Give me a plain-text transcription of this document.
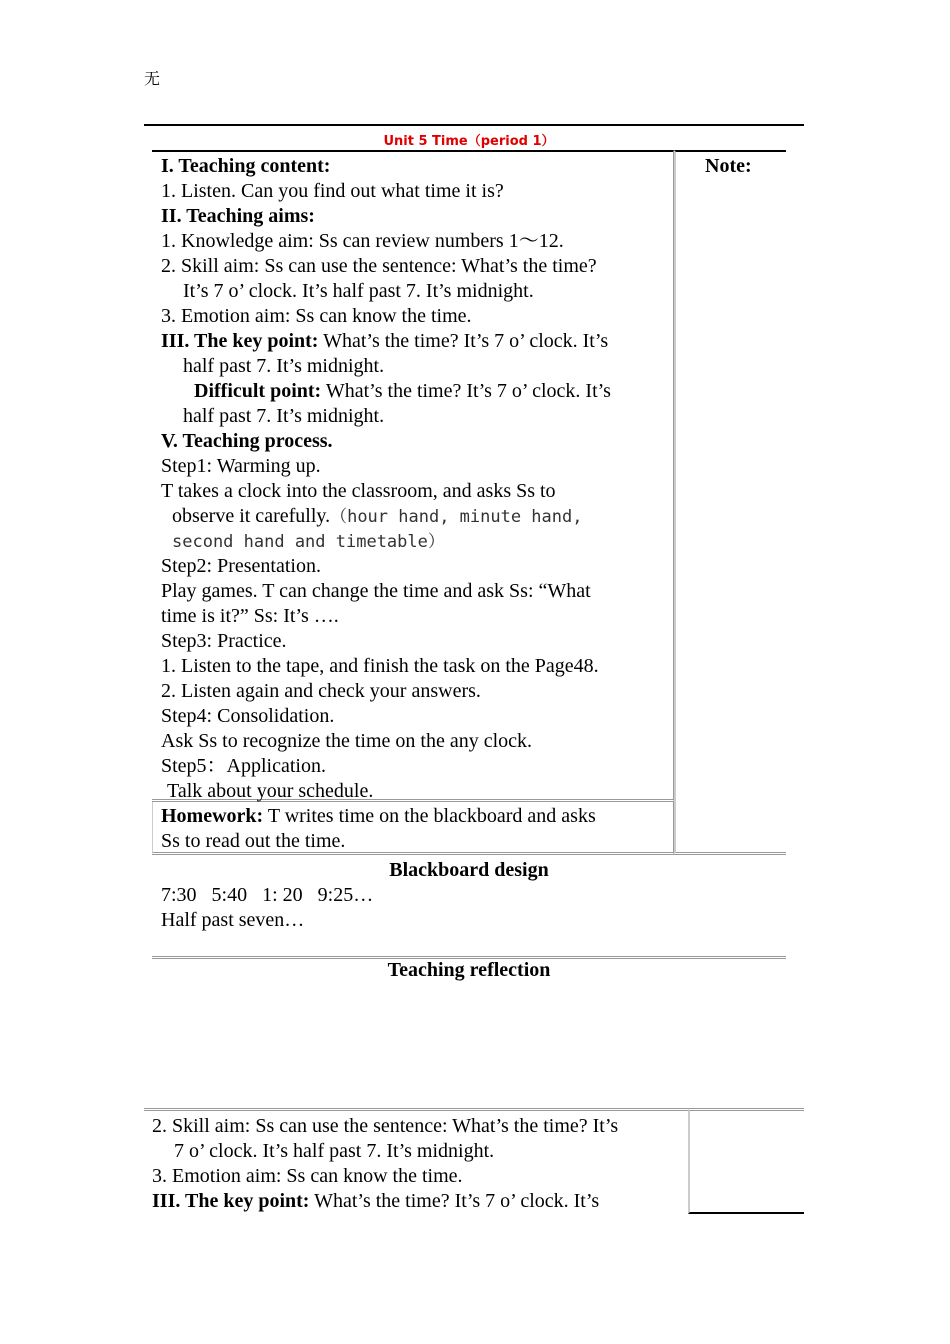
无
Unit 5 Time（period 1）
I. Teaching content:
1. Listen. Can you find out what time it is?
II. Teaching aims:
1. Knowledge aim: Ss can review numbers 1～12.
2. Skill aim: Ss can use the sentence: What’s the time?
It’s 7 o’ clock. It’s half past 7. It’s midnight.
3. Emotion aim: Ss can know the time.
III. The key point: What’s the time? It’s 7 o’ clock. It’s
half past 7. It’s midnight.
Difficult point: What’s the time? It’s 7 o’ clock. It’s
half past 7. It’s midnight.
V. Teaching process.
Step1: Warming up.
T takes a clock into the classroom, and asks Ss to
observe it carefully.（hour hand, minute hand,
second hand and timetable）
Step2: Presentation.
Play games. T can change the time and ask Ss: “What
time is it?” Ss: It’s ….
Step3: Practice.
1. Listen to the tape, and finish the task on the Page48.
2. Listen again and check your answers.
Step4: Consolidation.
Ask Ss to recognize the time on the any clock.
Step5：Application.
Talk about your schedule.
Note:
Homework: T writes time on the blackboard and asks
Ss to read out the time.
Blackboard design
7:30   5:40   1: 20   9:25…
Half past seven…
Teaching reflection
2. Skill aim: Ss can use the sentence: What’s the time? It’s
7 o’ clock. It’s half past 7. It’s midnight.
3. Emotion aim: Ss can know the time.
III. The key point: What’s the time? It’s 7 o’ clock. It’s
